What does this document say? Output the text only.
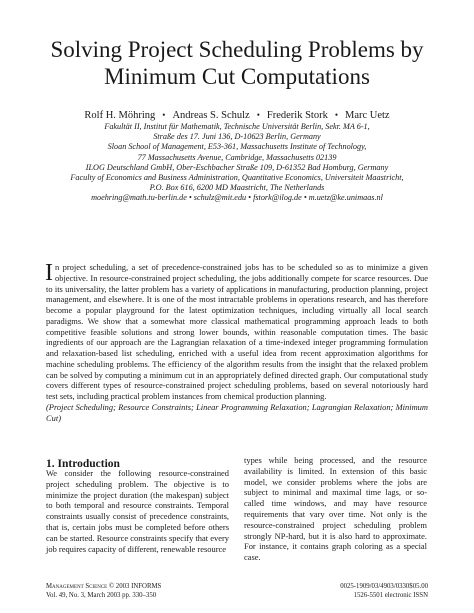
Solving Project Scheduling Problems by
Minimum Cut Computations
Rolf H. Möhring • Andreas S. Schulz • Frederik Stork • Marc Uetz
Fakultät II, Institut für Mathematik, Technische Universität Berlin, Sekr. MA 6-1,
Straße des 17. Juni 136, D-10623 Berlin, Germany
Sloan School of Management, E53-361, Massachusetts Institute of Technology,
77 Massachusetts Avenue, Cambridge, Massachusetts 02139
ILOG Deutschland GmbH, Ober-Eschbacher Straße 109, D-61352 Bad Homburg, Germany
Faculty of Economics and Business Administration, Quantitative Economics, Universiteit Maastricht,
P.O. Box 616, 6200 MD Maastricht, The Netherlands
moehring@math.tu-berlin.de • schulz@mit.edu • fstork@ilog.de • m.uetz@ke.unimaas.nl

In project scheduling, a set of precedence-constrained jobs has to be scheduled so as to minimize a given objective. In resource-constrained project scheduling, the jobs additionally compete for scarce resources. Due to its universality, the latter problem has a variety of applications in manufacturing, production planning, project management, and elsewhere. It is one of the most intractable problems in operations research, and has therefore become a popular playground for the latest optimization techniques, including virtually all local search paradigms. We show that a somewhat more classical mathematical programming approach leads to both competitive feasible solutions and strong lower bounds, within reasonable computation times. The basic ingredients of our approach are the Lagrangian relaxation of a time-indexed integer programming formulation and relaxation-based list scheduling, enriched with a useful idea from recent approximation algorithms for machine scheduling problems. The efficiency of the algorithm results from the insight that the relaxed problem can be solved by computing a minimum cut in an appropriately defined directed graph. Our computational study covers different types of resource-constrained project scheduling problems, based on several notoriously hard test sets, including practical problem instances from chemical production planning.

(Project Scheduling; Resource Constraints; Linear Programming Relaxation; Lagrangian Relaxation; Minimum Cut)

1. Introduction

We consider the following resource-constrained project scheduling problem. The objective is to minimize the project duration (the makespan) subject to both temporal and resource constraints. Temporal constraints usually consist of precedence constraints, that is, certain jobs must be completed before others can be started. Resource constraints specify that every job requires capacity of different, renewable resource

types while being processed, and the resource availability is limited. In extension of this basic model, we consider problems where the jobs are subject to minimal and maximal time lags, or so-called time windows, and may have resource requirements that vary over time. Not only is the resource-constrained project scheduling problem strongly NP-hard, but it is also hard to approximate. For instance, it contains graph coloring as a special case.

Management Science © 2003 INFORMS
Vol. 49, No. 3, March 2003 pp. 330–350
0025-1909/03/4903/0330$05.00
1526-5501 electronic ISSN
